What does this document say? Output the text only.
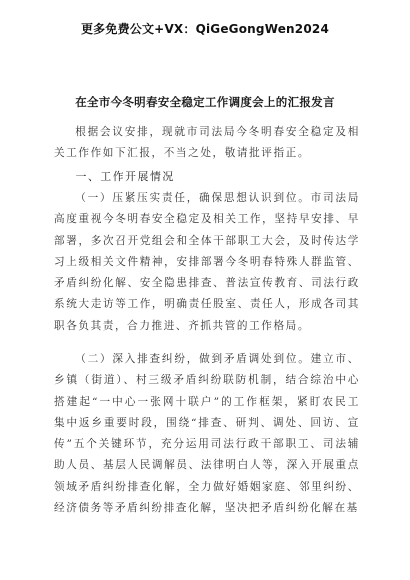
更多免费公文+VX：QiGeGongWen2024
在全市今冬明春安全稳定工作调度会上的汇报发言

根据会议安排，现就市司法局今冬明春安全稳定及相关工作作如下汇报，不当之处，敬请批评指正。

一、工作开展情况

（一）压紧压实责任，确保思想认识到位。市司法局高度重视今冬明春安全稳定及相关工作，坚持早安排、早部署，多次召开党组会和全体干部职工大会，及时传达学习上级相关文件精神，安排部署今冬明春特殊人群监管、矛盾纠纷化解、安全隐患排查、普法宣传教育、司法行政系统大走访等工作，明确责任股室、责任人，形成各司其职各负其责，合力推进、齐抓共管的工作格局。

（二）深入排查纠纷，做到矛盾调处到位。建立市、乡镇（街道）、村三级矛盾纠纷联防机制，结合综治中心搭建起“一中心一张网十联户”的工作框架，紧盯农民工集中返乡重要时段，围绕“排查、研判、调处、回访、宣传”五个关键环节，充分运用司法行政干部职工、司法辅助人员、基层人民调解员、法律明白人等，深入开展重点领域矛盾纠纷排查化解，全力做好婚姻家庭、邻里纠纷、经济债务等矛盾纠纷排查化解，坚决把矛盾纠纷化解在基
